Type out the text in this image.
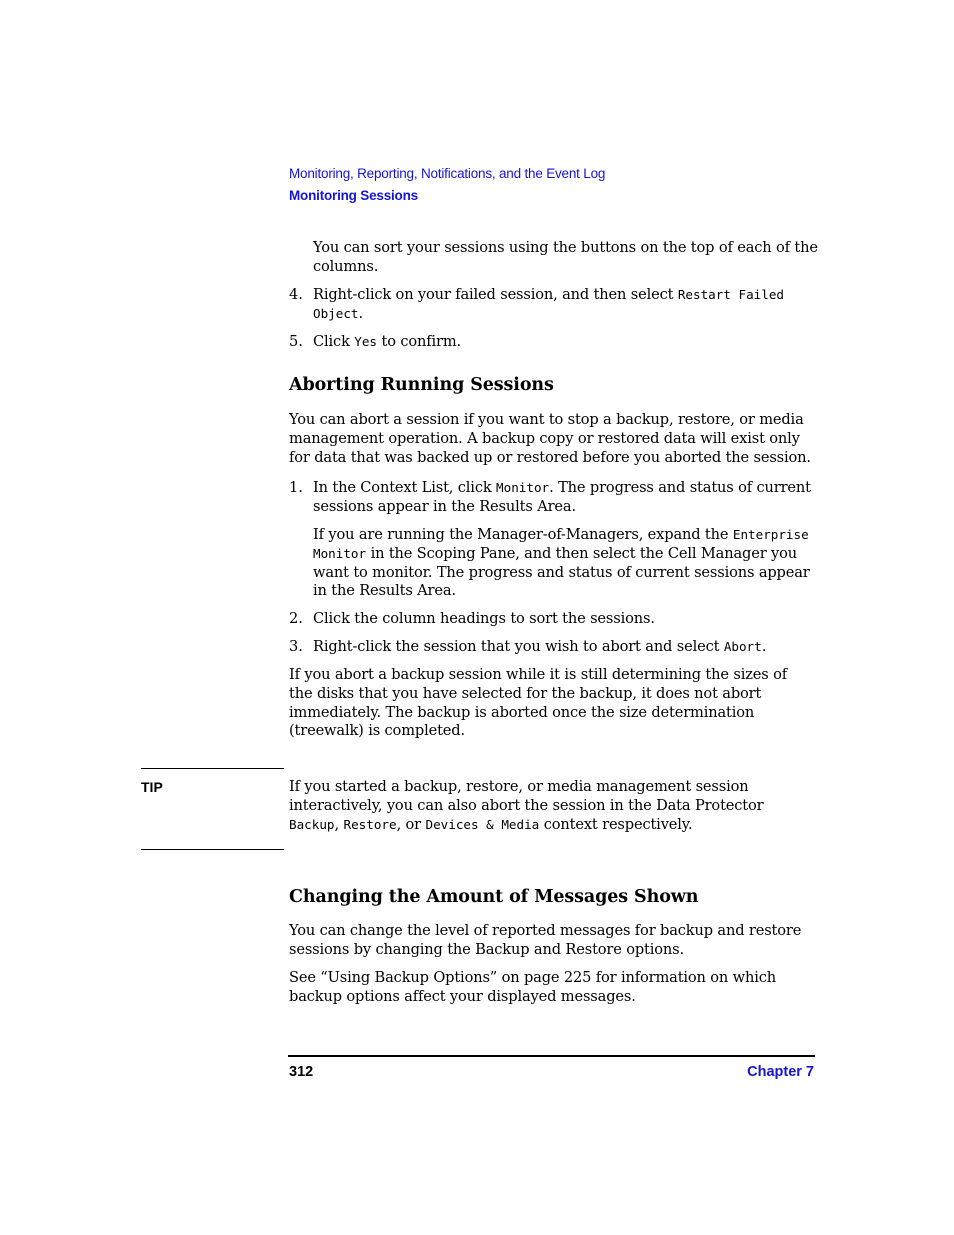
Monitoring, Reporting, Notifications, and the Event Log
Monitoring Sessions
You can sort your sessions using the buttons on the top of each of the columns.
4. Right-click on your failed session, and then select Restart Failed Object.
5. Click Yes to confirm.
Aborting Running Sessions
You can abort a session if you want to stop a backup, restore, or media management operation. A backup copy or restored data will exist only for data that was backed up or restored before you aborted the session.
1. In the Context List, click Monitor. The progress and status of current sessions appear in the Results Area.
If you are running the Manager-of-Managers, expand the Enterprise Monitor in the Scoping Pane, and then select the Cell Manager you want to monitor. The progress and status of current sessions appear in the Results Area.
2. Click the column headings to sort the sessions.
3. Right-click the session that you wish to abort and select Abort.
If you abort a backup session while it is still determining the sizes of the disks that you have selected for the backup, it does not abort immediately. The backup is aborted once the size determination (treewalk) is completed.
TIP	If you started a backup, restore, or media management session interactively, you can also abort the session in the Data Protector Backup, Restore, or Devices & Media context respectively.
Changing the Amount of Messages Shown
You can change the level of reported messages for backup and restore sessions by changing the Backup and Restore options.
See “Using Backup Options” on page 225 for information on which backup options affect your displayed messages.
312	Chapter 7
